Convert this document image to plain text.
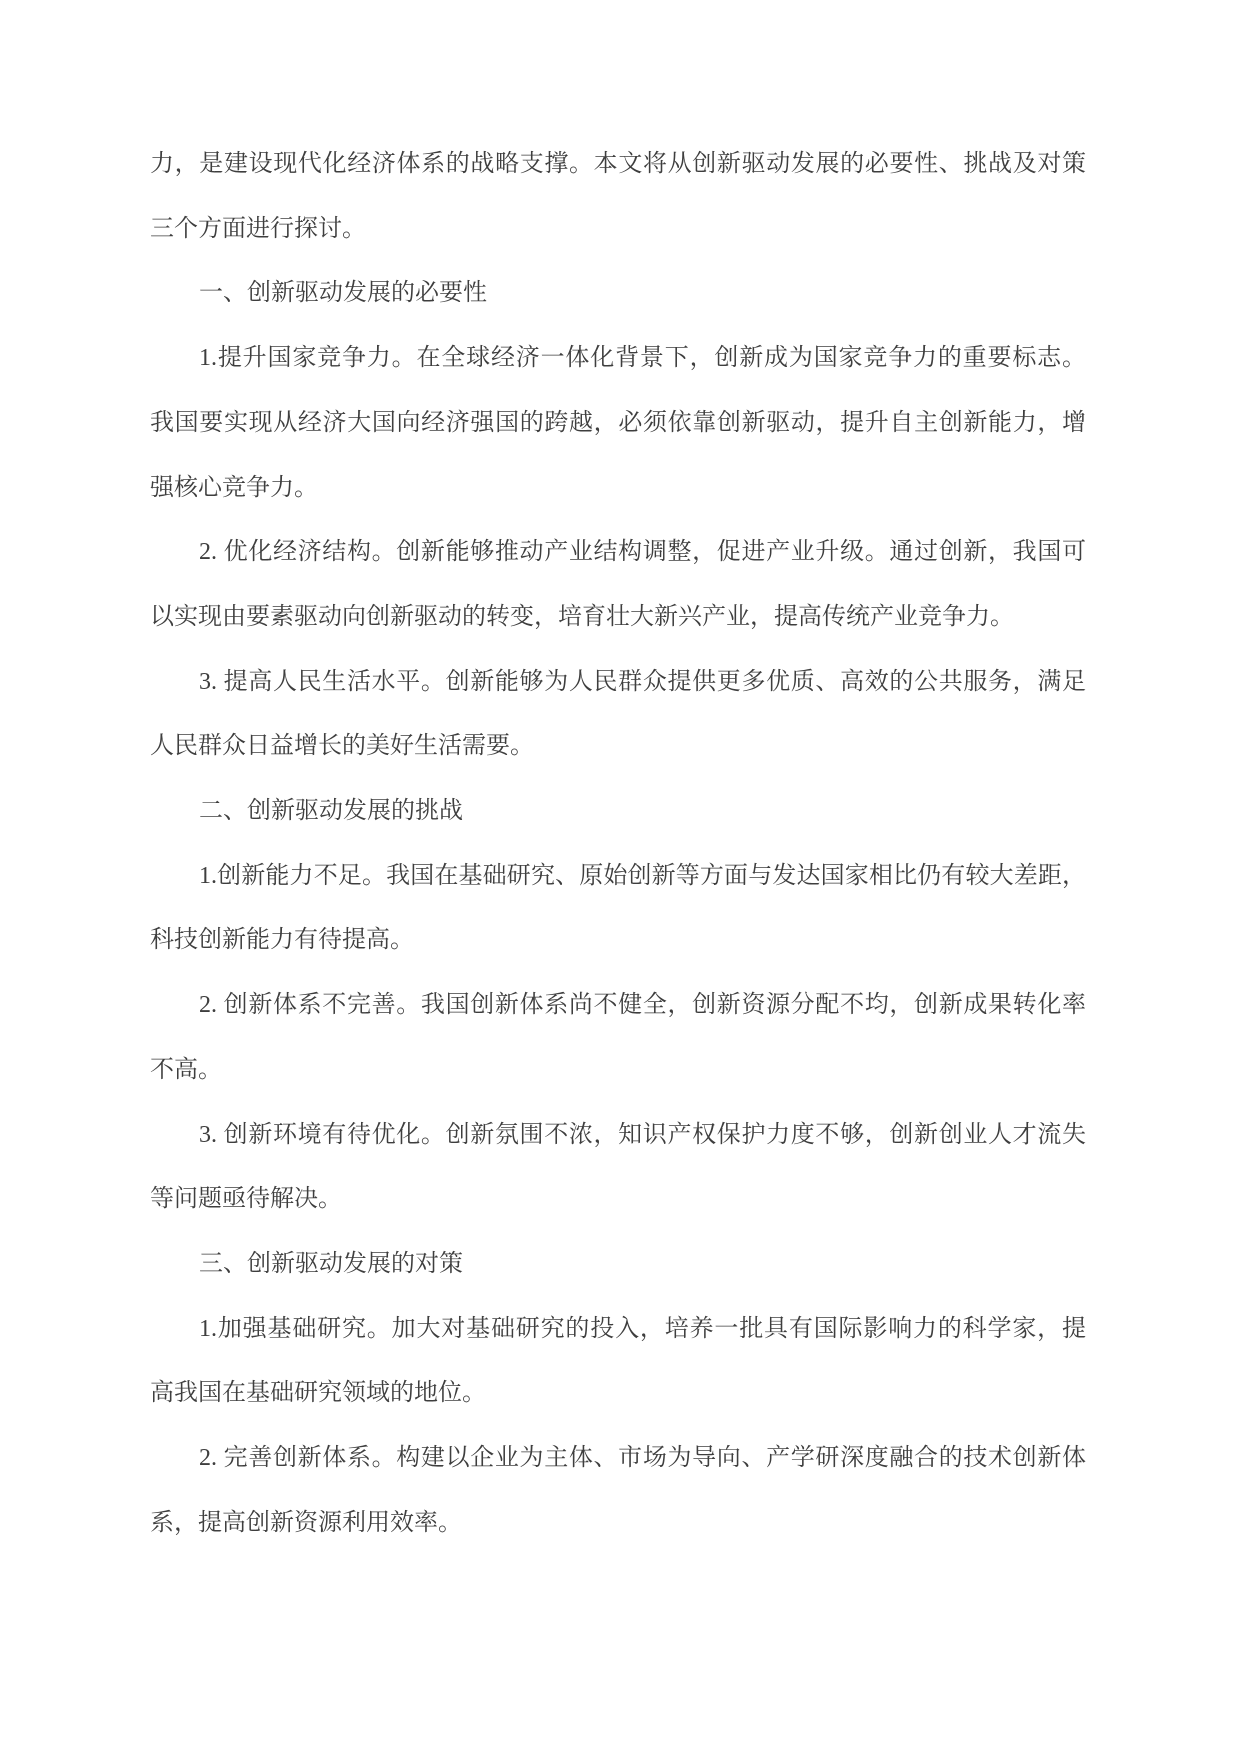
力，是建设现代化经济体系的战略支撑。本文将从创新驱动发展的必要性、挑战及对策
三个方面进行探讨。
一、创新驱动发展的必要性
1.提升国家竞争力。在全球经济一体化背景下，创新成为国家竞争力的重要标志。
我国要实现从经济大国向经济强国的跨越，必须依靠创新驱动，提升自主创新能力，增
强核心竞争力。
2. 优化经济结构。创新能够推动产业结构调整，促进产业升级。通过创新，我国可
以实现由要素驱动向创新驱动的转变，培育壮大新兴产业，提高传统产业竞争力。
3. 提高人民生活水平。创新能够为人民群众提供更多优质、高效的公共服务，满足
人民群众日益增长的美好生活需要。
二、创新驱动发展的挑战
1.创新能力不足。我国在基础研究、原始创新等方面与发达国家相比仍有较大差距，
科技创新能力有待提高。
2. 创新体系不完善。我国创新体系尚不健全，创新资源分配不均，创新成果转化率
不高。
3. 创新环境有待优化。创新氛围不浓，知识产权保护力度不够，创新创业人才流失
等问题亟待解决。
三、创新驱动发展的对策
1.加强基础研究。加大对基础研究的投入，培养一批具有国际影响力的科学家，提
高我国在基础研究领域的地位。
2. 完善创新体系。构建以企业为主体、市场为导向、产学研深度融合的技术创新体
系，提高创新资源利用效率。
